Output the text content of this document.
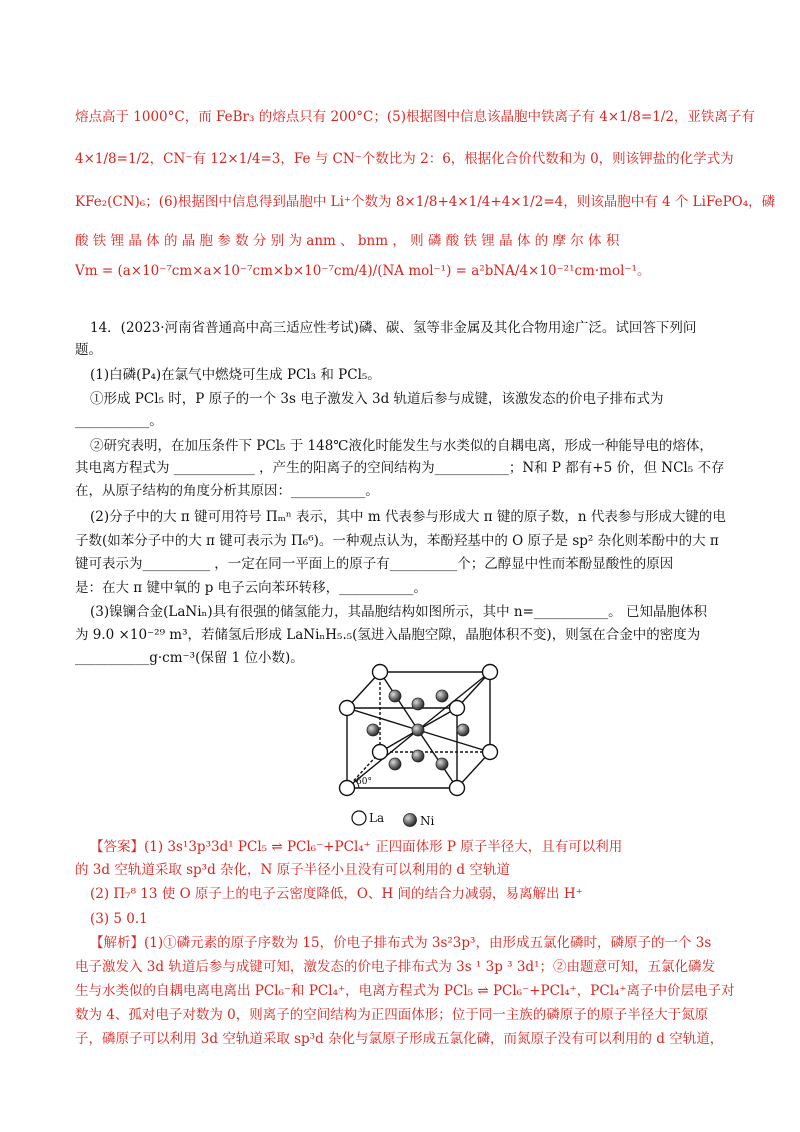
熔点高于 1000°C，而 FeBr₃ 的熔点只有 200°C；(5)根据图中信息该晶胞中铁离子有 4×1/8=1/2，亚铁离子有
4×1/8=1/2，CN⁻有 12×1/4=3，Fe 与 CN⁻个数比为 2：6，根据化合价代数和为 0，则该钾盐的化学式为
KFe₂(CN)₆；(6)根据图中信息得到晶胞中 Li⁺个数为 8×1/8+4×1/4+4×1/2=4，则该晶胞中有 4 个 LiFePO₄，磷
酸 铁 锂 晶 体 的 晶 胞 参 数 分 别 为 anm 、 bnm ， 则 磷 酸 铁 锂 晶 体 的 摩 尔 体 积
Vm = (a×10⁻⁷cm×a×10⁻⁷cm×b×10⁻⁷cm/4)/(NA mol⁻¹) = a²bNA/4×10⁻²¹cm·mol⁻¹。
14．(2023·河南省普通高中高三适应性考试)磷、碳、氢等非金属及其化合物用途广泛。试回答下列问
题。
(1)白磷(P₄)在氯气中燃烧可生成 PCl₃ 和 PCl₅。
①形成 PCl₅ 时，P 原子的一个 3s 电子激发入 3d 轨道后参与成键，该激发态的价电子排布式为
___________。
②研究表明，在加压条件下 PCl₅ 于 148℃液化时能发生与水类似的自耦电离，形成一种能导电的熔体，
其电离方程式为 ____________ ，产生的阳离子的空间结构为___________；N和 P 都有+5 价，但 NCl₅ 不存
在，从原子结构的角度分析其原因：___________。
(2)分子中的大 π 键可用符号 Πₘⁿ 表示，其中 m 代表参与形成大 π 键的原子数，n 代表参与形成大键的电
子数(如苯分子中的大 π 键可表示为 Π₆⁶)。一种观点认为，苯酚羟基中的 O 原子是 sp² 杂化则苯酚中的大 π
键可表示为__________ ，一定在同一平面上的原子有__________个；乙醇显中性而苯酚显酸性的原因
是：在大 π 键中氧的 p 电子云向苯环转移，___________。
(3)镍镧合金(LaNiₙ)具有很强的储氢能力，其晶胞结构如图所示，其中 n=___________。 已知晶胞体积
为 9.0 ×10⁻²⁹ m³，若储氢后形成 LaNiₙH₅.₅(氢进入晶胞空隙，晶胞体积不变)，则氢在合金中的密度为
___________g·cm⁻³(保留 1 位小数)。
60°
La	Ni
【答案】(1) 3s¹3p³3d¹ PCl₅ ⇌ PCl₆⁻+PCl₄⁺ 正四面体形 P 原子半径大，且有可以利用
的 3d 空轨道采取 sp³d 杂化，N 原子半径小且没有可以利用的 d 空轨道
(2) Π₇⁸ 13 使 O 原子上的电子云密度降低，O、H 间的结合力减弱，易离解出 H⁺
(3) 5 0.1
【解析】(1)①磷元素的原子序数为 15，价电子排布式为 3s²3p³，由形成五氯化磷时，磷原子的一个 3s
电子激发入 3d 轨道后参与成键可知，激发态的价电子排布式为 3s ¹ 3p ³ 3d¹；②由题意可知，五氯化磷发
生与水类似的自耦电离电离出 PCl₆⁻和 PCl₄⁺，电离方程式为 PCl₅ ⇌ PCl₆⁻+PCl₄⁺，PCl₄⁺离子中价层电子对
数为 4、孤对电子对数为 0，则离子的空间结构为正四面体形；位于同一主族的磷原子的原子半径大于氮原
子，磷原子可以利用 3d 空轨道采取 sp³d 杂化与氯原子形成五氯化磷，而氮原子没有可以利用的 d 空轨道，
